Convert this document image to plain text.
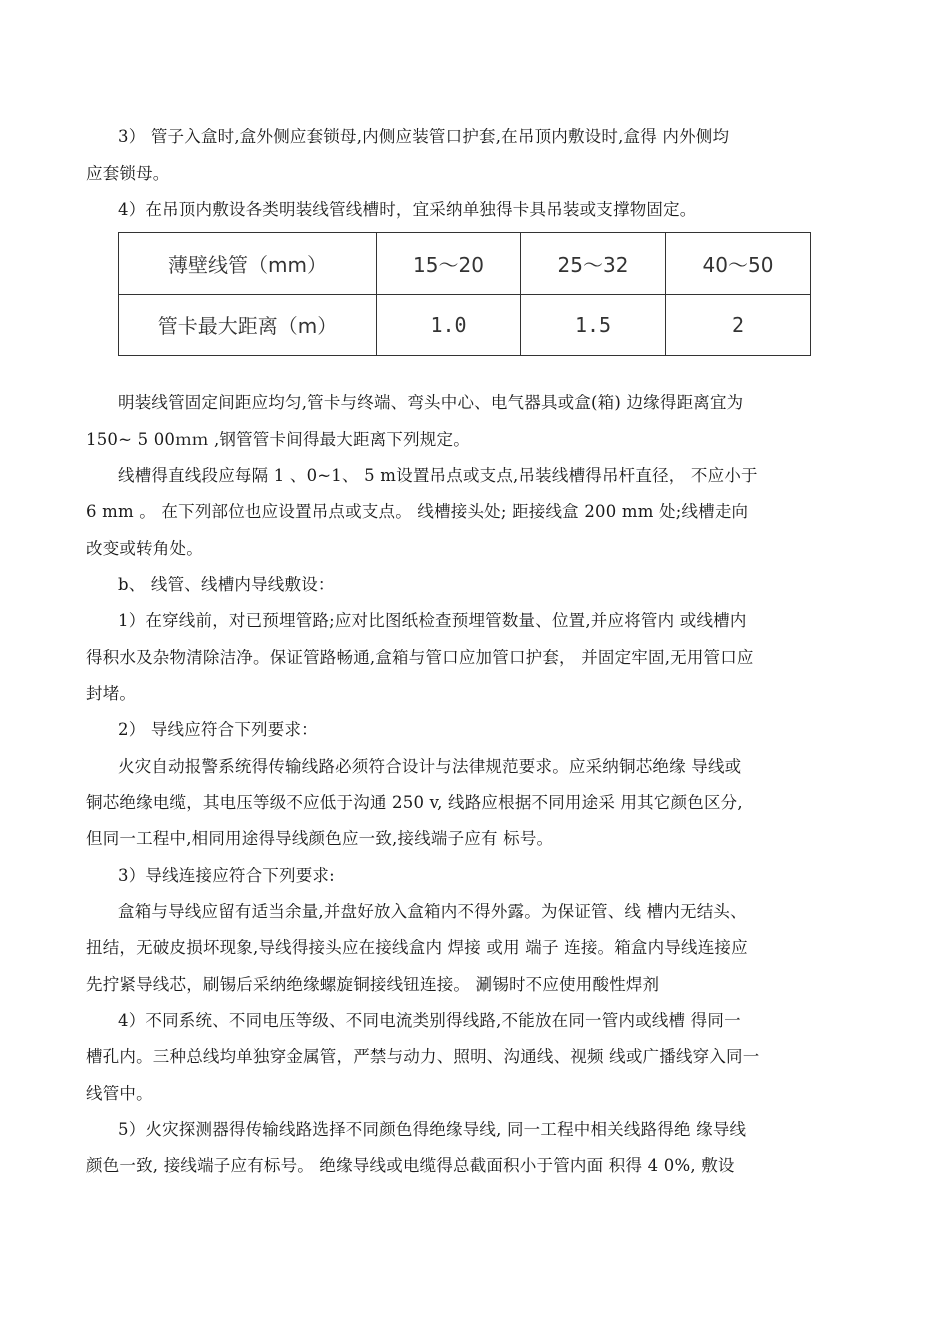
3） 管子入盒时,盒外侧应套锁母,内侧应装管口护套,在吊顶内敷设时,盒得 内外侧均
应套锁母。
4）在吊顶内敷设各类明装线管线槽时，宜采纳单独得卡具吊装或支撑物固定。
薄壁线管（mm）	15～20	25～32	40～50
管卡最大距离（m）	1.0	1.5	2
明装线管固定间距应均匀,管卡与终端、弯头中心、电气器具或盒(箱) 边缘得距离宜为
150~ 5 00ｍｍ ,钢管管卡间得最大距离下列规定。
线槽得直线段应每隔 1 、0~1、 5 m设置吊点或支点,吊装线槽得吊杆直径， 不应小于
6 mm 。 在下列部位也应设置吊点或支点。 线槽接头处; 距接线盒 200 mm 处;线槽走向
改变或转角处。
b、 线管、线槽内导线敷设：
1）在穿线前，对已预埋管路;应对比图纸检查预埋管数量、位置,并应将管内 或线槽内
得积水及杂物清除洁净。保证管路畅通,盒箱与管口应加管口护套， 并固定牢固,无用管口应
封堵。
2） 导线应符合下列要求：
火灾自动报警系统得传输线路必须符合设计与法律规范要求。应采纳铜芯绝缘 导线或
铜芯绝缘电缆，其电压等级不应低于沟通 250 v, 线路应根据不同用途采 用其它颜色区分,
但同一工程中,相同用途得导线颜色应一致,接线端子应有 标号。
3）导线连接应符合下列要求:
盒箱与导线应留有适当余量,并盘好放入盒箱内不得外露。为保证管、线 槽内无结头、
扭结，无破皮损坏现象,导线得接头应在接线盒内 焊接 或用 端子 连接。箱盒内导线连接应
先拧紧导线芯，刷锡后采纳绝缘螺旋铜接线钮连接。 涮锡时不应使用酸性焊剂
4）不同系统、不同电压等级、不同电流类别得线路,不能放在同一管内或线槽 得同一
槽孔内。三种总线均单独穿金属管，严禁与动力、照明、沟通线、视频 线或广播线穿入同一
线管中。
5）火灾探测器得传输线路选择不同颜色得绝缘导线, 同一工程中相关线路得绝 缘导线
颜色一致, 接线端子应有标号。 绝缘导线或电缆得总截面积小于管内面 积得 4 0%, 敷设
